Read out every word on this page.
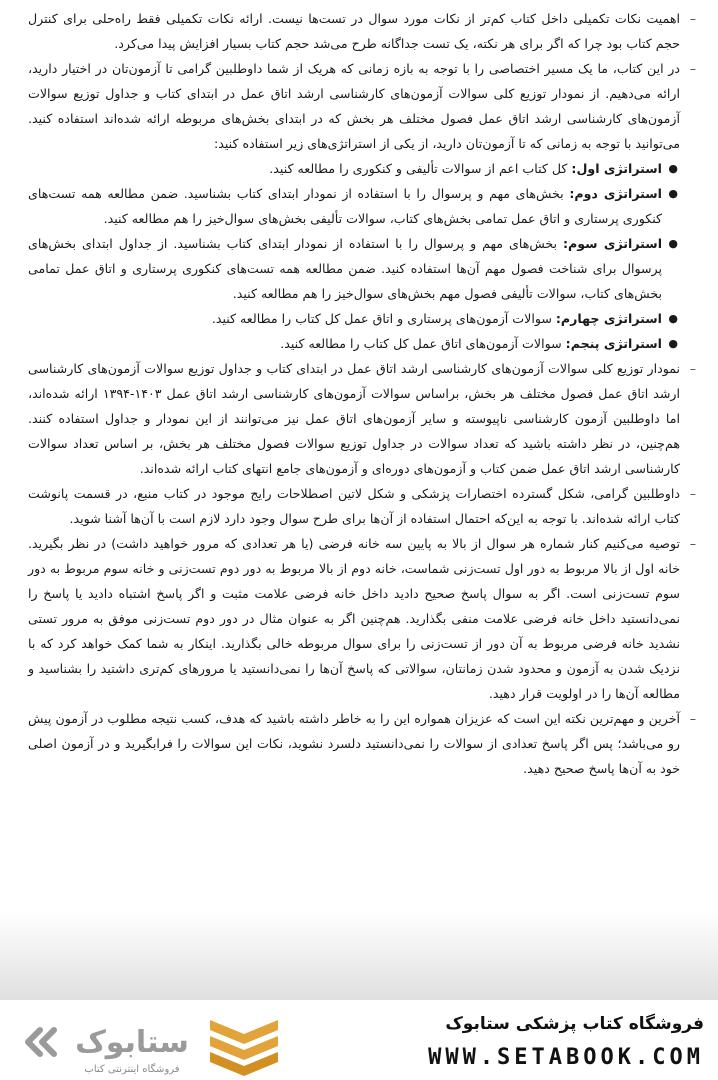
–
اهمیت نکات تکمیلی داخل کتاب کم‌تر از نکات مورد سوال در تست‌ها نیست. ارائه نکات تکمیلی فقط راه‌حلی برای کنترل حجم کتاب بود چرا که اگر برای هر نکته، یک تست جداگانه طرح می‌شد حجم کتاب بسیار افزایش پیدا می‌کرد.

–
در این کتاب، ما یک مسیر اختصاصی را با توجه به بازه زمانی که هریک از شما داوطلبین گرامی تا آزمون‌تان در اختیار دارید، ارائه می‌دهیم. از نمودار توزیع کلی سوالات آزمون‌های کارشناسی ارشد اتاق عمل در ابتدای کتاب و جداول توزیع سوالات آزمون‌های کارشناسی ارشد اتاق عمل فصول مختلف هر بخش که در ابتدای بخش‌های مربوطه ارائه شده‌اند استفاده کنید. می‌توانید با توجه به زمانی که تا آزمون‌تان دارید، از یکی از استراتژی‌های زیر استفاده کنید:

●
استراتژی اول: کل کتاب اعم از سوالات تألیفی و کنکوری را مطالعه کنید.
●
استراتژی دوم: بخش‌های مهم و پرسوال را با استفاده از نمودار ابتدای کتاب بشناسید. ضمن مطالعه همه تست‌های کنکوری پرستاری و اتاق عمل تمامی بخش‌های کتاب، سوالات تألیفی بخش‌های سوال‌خیز را هم مطالعه کنید.
●
استراتژی سوم: بخش‌های مهم و پرسوال را با استفاده از نمودار ابتدای کتاب بشناسید. از جداول ابتدای بخش‌های پرسوال برای شناخت فصول مهم آن‌ها استفاده کنید. ضمن مطالعه همه تست‌های کنکوری پرستاری و اتاق عمل تمامی بخش‌های کتاب، سوالات تألیفی فصول مهم بخش‌های سوال‌خیز را هم مطالعه کنید.
●
استراتژی چهارم: سوالات آزمون‌های پرستاری و اتاق عمل کل کتاب را مطالعه کنید.
●
استراتژی پنجم: سوالات آزمون‌های اتاق عمل کل کتاب را مطالعه کنید.

–
نمودار توزیع کلی سوالات آزمون‌های کارشناسی ارشد اتاق عمل در ابتدای کتاب و جداول توزیع سوالات آزمون‌های کارشناسی ارشد اتاق عمل فصول مختلف هر بخش، براساس سوالات آزمون‌های کارشناسی ارشد اتاق عمل ۱۴۰۳-۱۳۹۴ ارائه شده‌اند، اما داوطلبین آزمون کارشناسی ناپیوسته و سایر آزمون‌های اتاق عمل نیز می‌توانند از این نمودار و جداول استفاده کنند. هم‌چنین، در نظر داشته باشید که تعداد سوالات در جداول توزیع سوالات فصول مختلف هر بخش، بر اساس تعداد سوالات کارشناسی ارشد اتاق عمل ضمن کتاب و آزمون‌های دوره‌ای و آزمون‌های جامع انتهای کتاب ارائه شده‌اند.

–
داوطلبین گرامی، شکل گسترده اختصارات پزشکی و شکل لاتین اصطلاحات رایج موجود در کتاب منبع، در قسمت پانوشت کتاب ارائه شده‌اند. با توجه به این‌که احتمال استفاده از آن‌ها برای طرح سوال وجود دارد لازم است با آن‌ها آشنا شوید.

–
توصیه می‌کنیم کنار شماره هر سوال از بالا به پایین سه خانه فرضی (یا هر تعدادی که مرور خواهید داشت) در نظر بگیرید. خانه اول از بالا مربوط به دور اول تست‌زنی شماست، خانه دوم از بالا مربوط به دور دوم تست‌زنی و خانه سوم مربوط به دور سوم تست‌زنی است. اگر به سوال پاسخ صحیح دادید داخل خانه فرضی علامت مثبت و اگر پاسخ اشتباه دادید یا پاسخ را نمی‌دانستید داخل خانه فرضی علامت منفی بگذارید. هم‌چنین اگر به عنوان مثال در دور دوم تست‌زنی موفق به مرور تستی نشدید خانه فرضی مربوط به آن دور از تست‌زنی را برای سوال مربوطه خالی بگذارید. اینکار به شما کمک خواهد کرد که با نزدیک شدن به آزمون و محدود شدن زمانتان، سوالاتی که پاسخ آن‌ها را نمی‌دانستید یا مرورهای کم‌تری داشتید را بشناسید و مطالعه آن‌ها را در اولویت قرار دهید.

–
آخرین و مهم‌ترین نکته این است که عزیزان همواره این را به خاطر داشته باشید که هدف، کسب نتیجه مطلوب در آزمون پیش رو می‌باشد؛ پس اگر پاسخ تعدادی از سوالات را نمی‌دانستید دلسرد نشوید، نکات این سوالات را فرابگیرید و در آزمون اصلی خود به آن‌ها پاسخ صحیح دهید.

ستابوک
فروشگاه اینترنتی کتاب
فروشگاه کتاب پزشکی ستابوک
WWW.SETABOOK.COM
